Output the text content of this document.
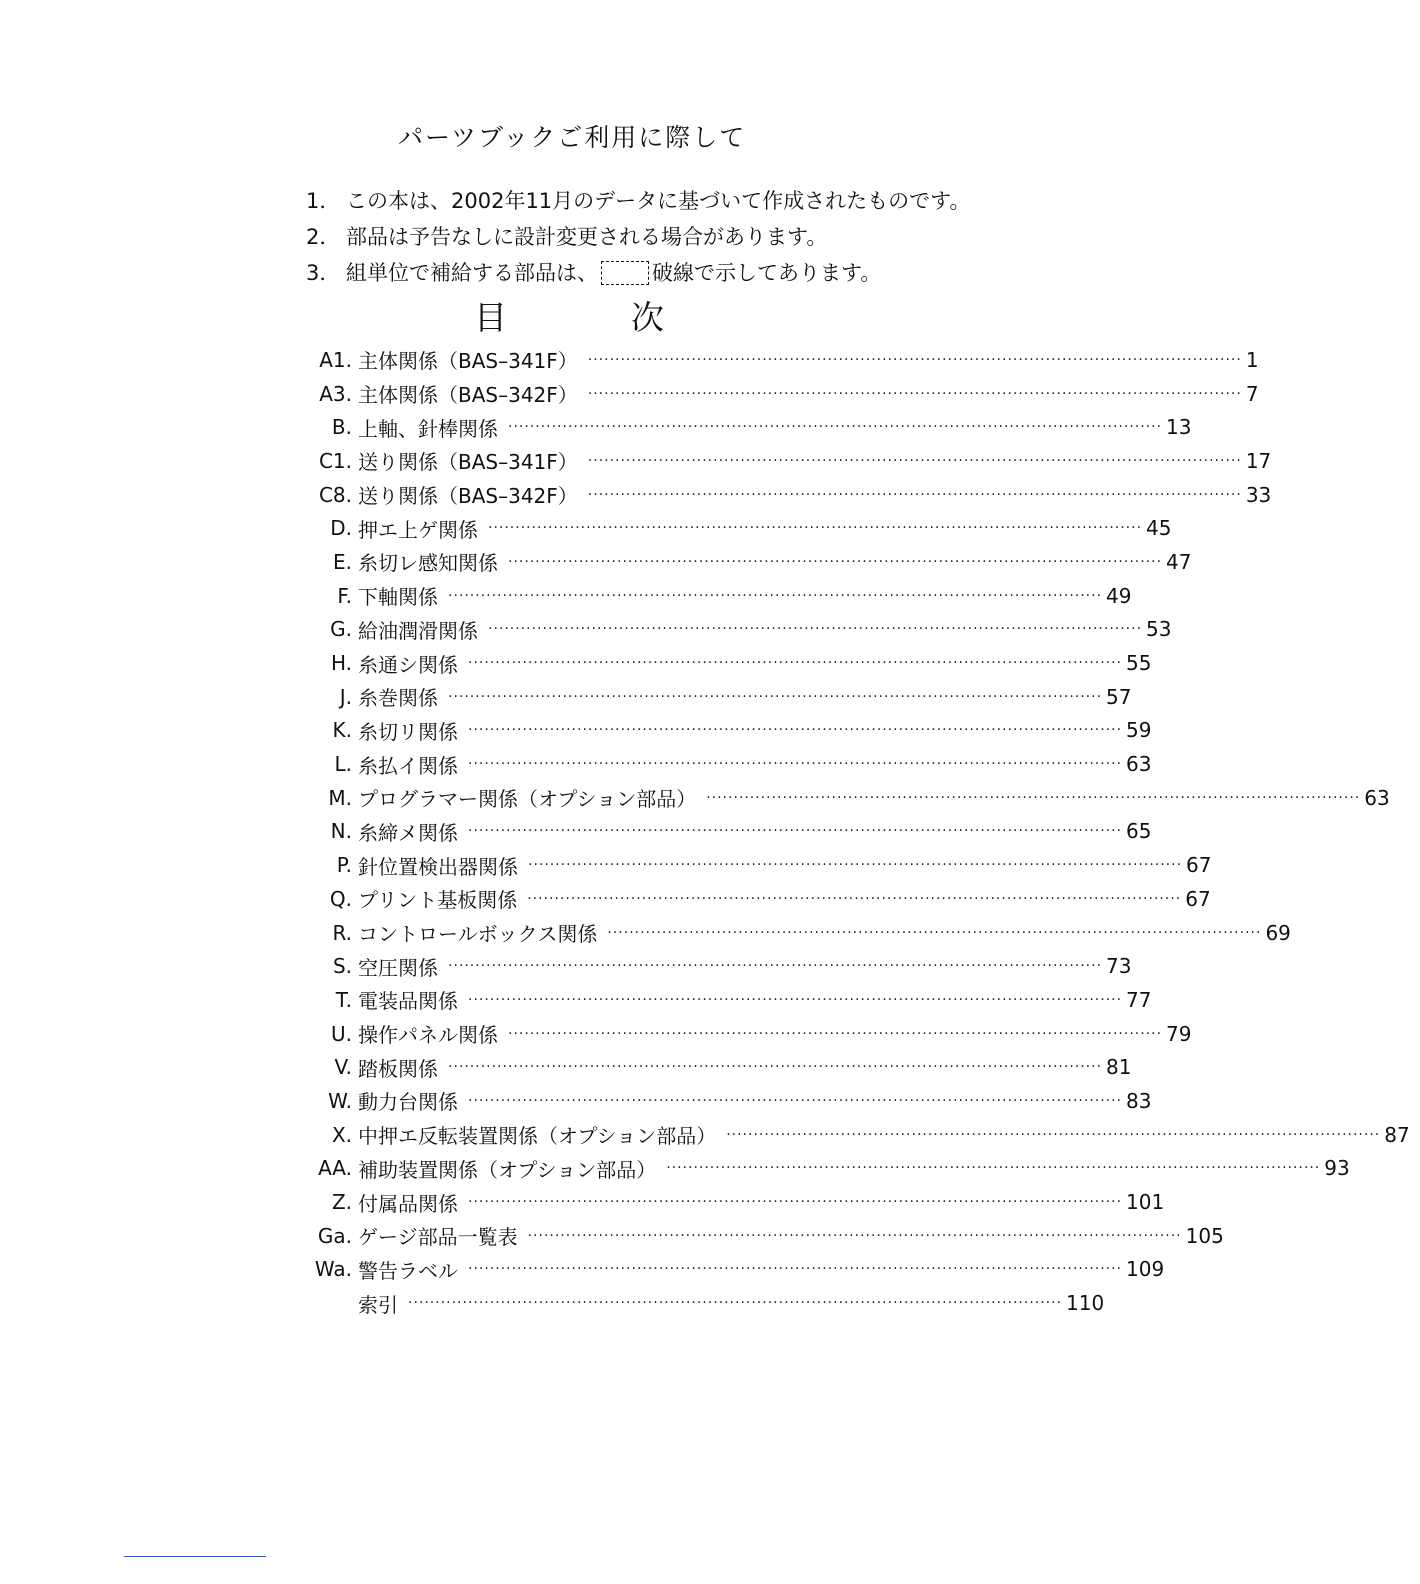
パーツブックご利用に際して
1． この本は、2002年11月のデータに基づいて作成されたものです。
2． 部品は予告なしに設計変更される場合があります。
3． 組単位で補給する部品は、	破線で示してあります。
目	次
A1. 主体関係（BAS–341F） ························································································································ 1
A3. 主体関係（BAS–342F） ························································································································ 7
B. 上軸、針棒関係 ························································································································ 13
C1. 送り関係（BAS–341F） ························································································································ 17
C8. 送り関係（BAS–342F） ························································································································ 33
D. 押エ上ゲ関係 ························································································································ 45
E. 糸切レ感知関係 ························································································································ 47
F. 下軸関係 ························································································································ 49
G. 給油潤滑関係 ························································································································ 53
H. 糸通シ関係 ························································································································ 55
J. 糸巻関係 ························································································································ 57
K. 糸切リ関係 ························································································································ 59
L. 糸払イ関係 ························································································································ 63
M. プログラマー関係（オプション部品） ························································································································ 63
N. 糸締メ関係 ························································································································ 65
P. 針位置検出器関係 ························································································································ 67
Q. プリント基板関係 ························································································································ 67
R. コントロールボックス関係 ························································································································ 69
S. 空圧関係 ························································································································ 73
T. 電装品関係 ························································································································ 77
U. 操作パネル関係 ························································································································ 79
V. 踏板関係 ························································································································ 81
W. 動力台関係 ························································································································ 83
X. 中押エ反転装置関係（オプション部品） ························································································································ 87
AA. 補助装置関係（オプション部品） ························································································································ 93
Z. 付属品関係 ························································································································ 101
Ga. ゲージ部品一覧表 ························································································································ 105
Wa. 警告ラベル ························································································································ 109
索引 ························································································································ 110
